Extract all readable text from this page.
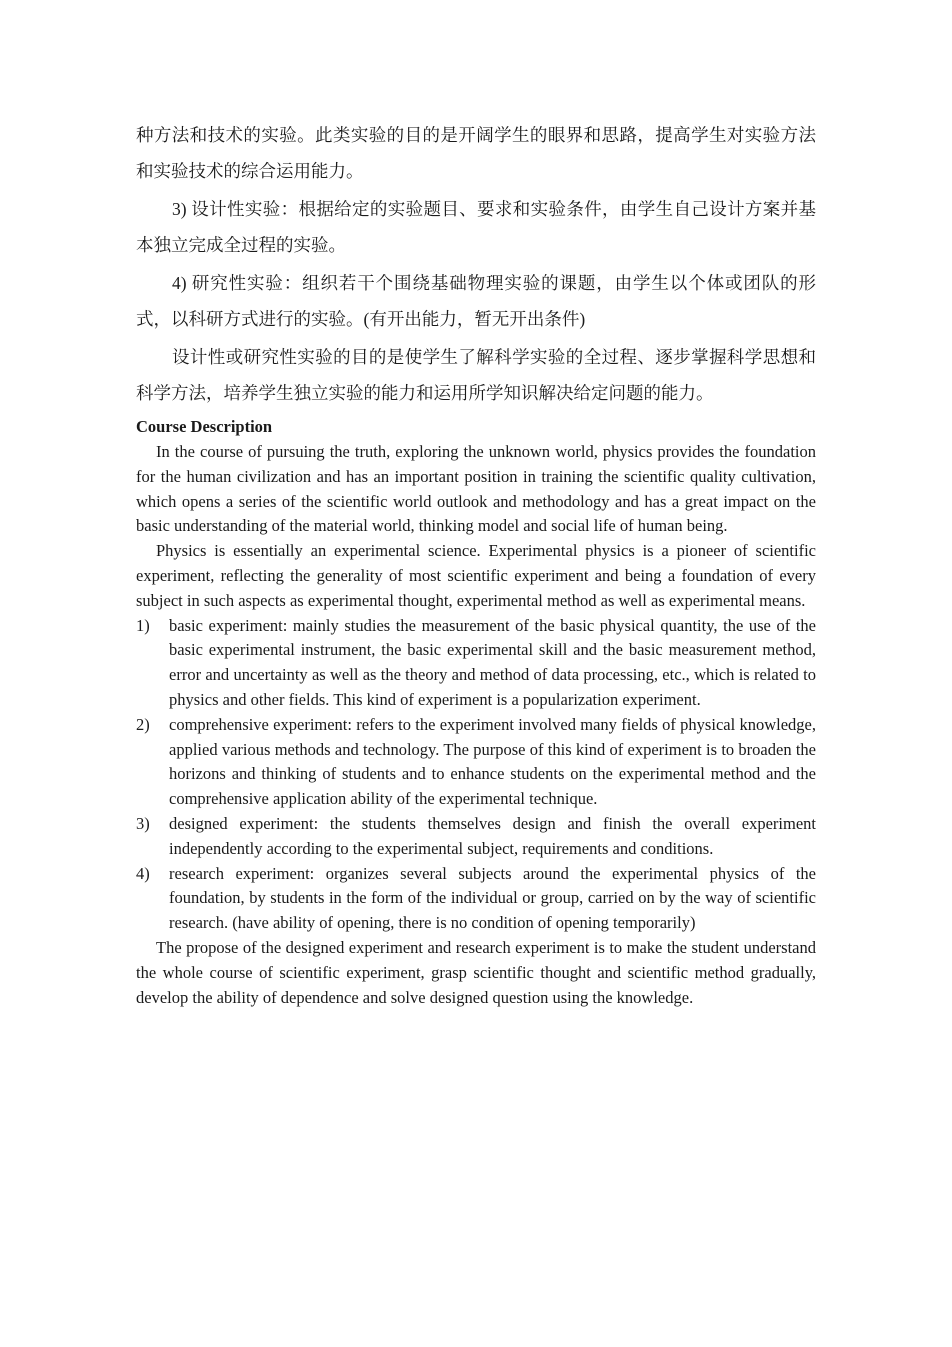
种方法和技术的实验。此类实验的目的是开阔学生的眼界和思路，提高学生对实验方法和实验技术的综合运用能力。

3) 设计性实验：根据给定的实验题目、要求和实验条件，由学生自己设计方案并基本独立完成全过程的实验。

4) 研究性实验：组织若干个围绕基础物理实验的课题，由学生以个体或团队的形式，以科研方式进行的实验。(有开出能力，暂无开出条件)

设计性或研究性实验的目的是使学生了解科学实验的全过程、逐步掌握科学思想和科学方法，培养学生独立实验的能力和运用所学知识解决给定问题的能力。

Course Description

In the course of pursuing the truth, exploring the unknown world, physics provides the foundation for the human civilization and has an important position in training the scientific quality cultivation, which opens a series of the scientific world outlook and methodology and has a great impact on the basic understanding of the material world, thinking model and social life of human being.

Physics is essentially an experimental science. Experimental physics is a pioneer of scientific experiment, reflecting the generality of most scientific experiment and being a foundation of every subject in such aspects as experimental thought, experimental method as well as experimental means.

1) basic experiment: mainly studies the measurement of the basic physical quantity, the use of the basic experimental instrument, the basic experimental skill and the basic measurement method, error and uncertainty as well as the theory and method of data processing, etc., which is related to physics and other fields. This kind of experiment is a popularization experiment.
2) comprehensive experiment: refers to the experiment involved many fields of physical knowledge, applied various methods and technology. The purpose of this kind of experiment is to broaden the horizons and thinking of students and to enhance students on the experimental method and the comprehensive application ability of the experimental technique.
3) designed experiment: the students themselves design and finish the overall experiment independently according to the experimental subject, requirements and conditions.
4) research experiment: organizes several subjects around the experimental physics of the foundation, by students in the form of the individual or group, carried on by the way of scientific research. (have ability of opening, there is no condition of opening temporarily)

The propose of the designed experiment and research experiment is to make the student understand the whole course of scientific experiment, grasp scientific thought and scientific method gradually, develop the ability of dependence and solve designed question using the knowledge.
